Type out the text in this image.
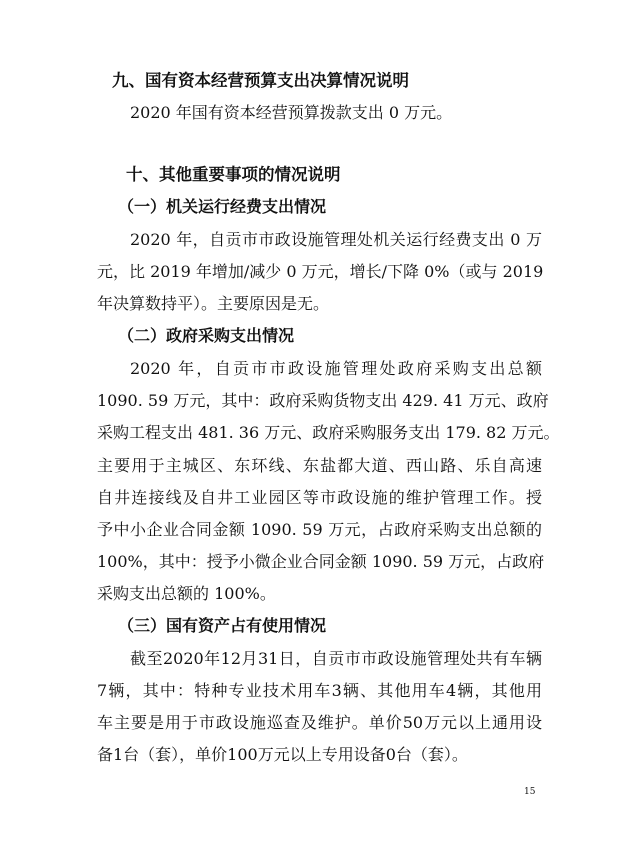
九、国有资本经营预算支出决算情况说明
2020 年国有资本经营预算拨款支出 0 万元。
十、其他重要事项的情况说明
（一）机关运行经费支出情况
2020 年，自贡市市政设施管理处机关运行经费支出 0 万
元，比 2019 年增加/减少 0 万元，增长/下降 0%（或与 2019
年决算数持平）。主要原因是无。
（二）政府采购支出情况
2020 年，自贡市市政设施管理处政府采购支出总额
1090. 59 万元，其中：政府采购货物支出 429. 41 万元、政府
采购工程支出 481. 36 万元、政府采购服务支出 179. 82 万元。
主要用于主城区、东环线、东盐都大道、西山路、乐自高速
自井连接线及自井工业园区等市政设施的维护管理工作。授
予中小企业合同金额 1090. 59 万元，占政府采购支出总额的
100%，其中：授予小微企业合同金额 1090. 59 万元，占政府
采购支出总额的 100%。
（三）国有资产占有使用情况
截至2020年12月31日，自贡市市政设施管理处共有车辆
7辆，其中：特种专业技术用车3辆、其他用车4辆，其他用
车主要是用于市政设施巡查及维护。单价50万元以上通用设
备1台（套），单价100万元以上专用设备0台（套）。
15
